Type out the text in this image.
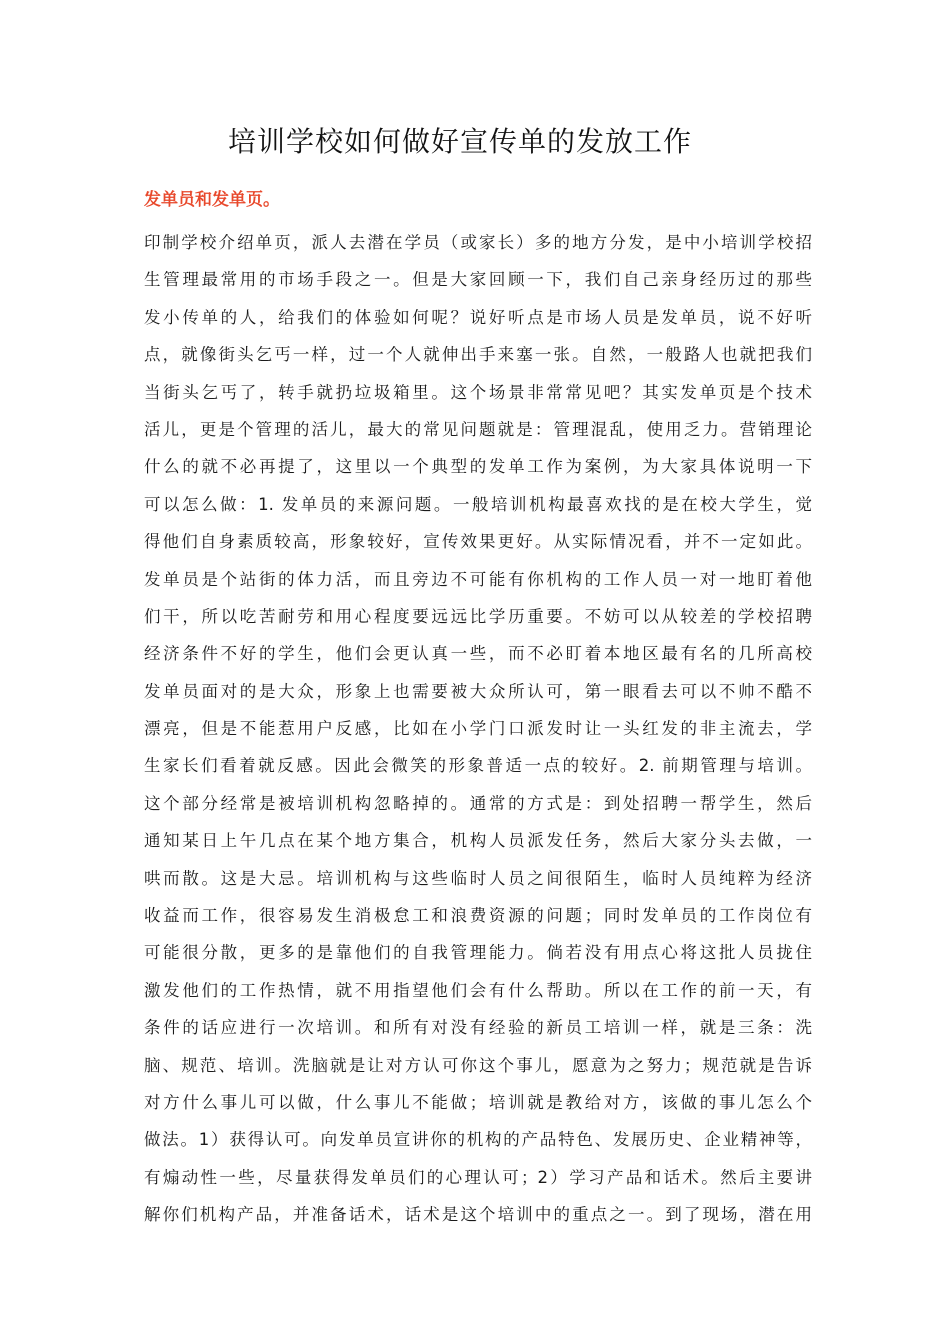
培训学校如何做好宣传单的发放工作
发单员和发单页。
印制学校介绍单页，派人去潜在学员（或家长）多的地方分发，是中小培训学校招
生管理最常用的市场手段之一。但是大家回顾一下，我们自己亲身经历过的那些
发小传单的人，给我们的体验如何呢？说好听点是市场人员是发单员，说不好听
点，就像街头乞丐一样，过一个人就伸出手来塞一张。自然，一般路人也就把我们
当街头乞丐了，转手就扔垃圾箱里。这个场景非常常见吧？其实发单页是个技术
活儿，更是个管理的活儿，最大的常见问题就是：管理混乱，使用乏力。营销理论
什么的就不必再提了，这里以一个典型的发单工作为案例，为大家具体说明一下
可以怎么做：1. 发单员的来源问题。一般培训机构最喜欢找的是在校大学生，觉
得他们自身素质较高，形象较好，宣传效果更好。从实际情况看，并不一定如此。
发单员是个站街的体力活，而且旁边不可能有你机构的工作人员一对一地盯着他
们干，所以吃苦耐劳和用心程度要远远比学历重要。不妨可以从较差的学校招聘
经济条件不好的学生，他们会更认真一些，而不必盯着本地区最有名的几所高校
发单员面对的是大众，形象上也需要被大众所认可，第一眼看去可以不帅不酷不
漂亮，但是不能惹用户反感，比如在小学门口派发时让一头红发的非主流去，学
生家长们看着就反感。因此会微笑的形象普适一点的较好。2. 前期管理与培训。
这个部分经常是被培训机构忽略掉的。通常的方式是：到处招聘一帮学生，然后
通知某日上午几点在某个地方集合，机构人员派发任务，然后大家分头去做，一
哄而散。这是大忌。培训机构与这些临时人员之间很陌生，临时人员纯粹为经济
收益而工作，很容易发生消极怠工和浪费资源的问题；同时发单员的工作岗位有
可能很分散，更多的是靠他们的自我管理能力。倘若没有用点心将这批人员拢住
激发他们的工作热情，就不用指望他们会有什么帮助。所以在工作的前一天，有
条件的话应进行一次培训。和所有对没有经验的新员工培训一样，就是三条：洗
脑、规范、培训。洗脑就是让对方认可你这个事儿，愿意为之努力；规范就是告诉
对方什么事儿可以做，什么事儿不能做；培训就是教给对方，该做的事儿怎么个
做法。1）获得认可。向发单员宣讲你的机构的产品特色、发展历史、企业精神等，
有煽动性一些，尽量获得发单员们的心理认可；2）学习产品和话术。然后主要讲
解你们机构产品，并准备话术，话术是这个培训中的重点之一。到了现场，潜在用
